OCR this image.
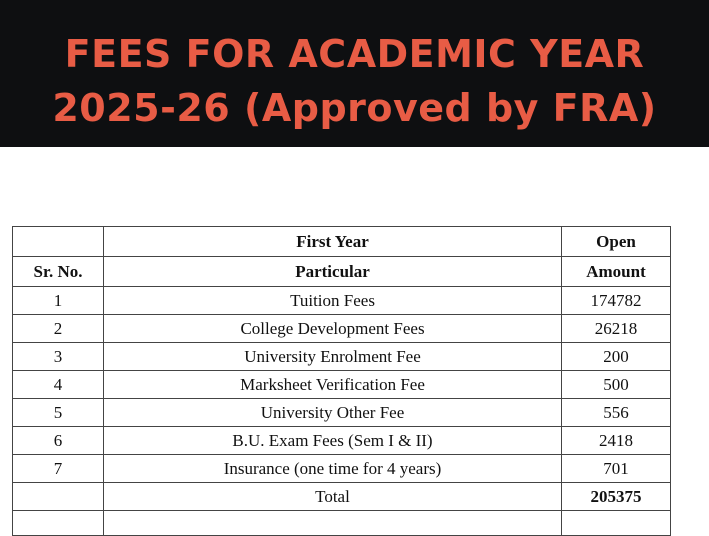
FEES FOR ACADEMIC YEAR
2025-26 (Approved by FRA)
	First Year	Open
Sr. No.	Particular	Amount
1	Tuition Fees	174782
2	College Development Fees	26218
3	University Enrolment Fee	200
4	Marksheet Verification Fee	500
5	University Other Fee	556
6	B.U. Exam Fees (Sem I & II)	2418
7	Insurance (one time for 4 years)	701
	Total	205375
